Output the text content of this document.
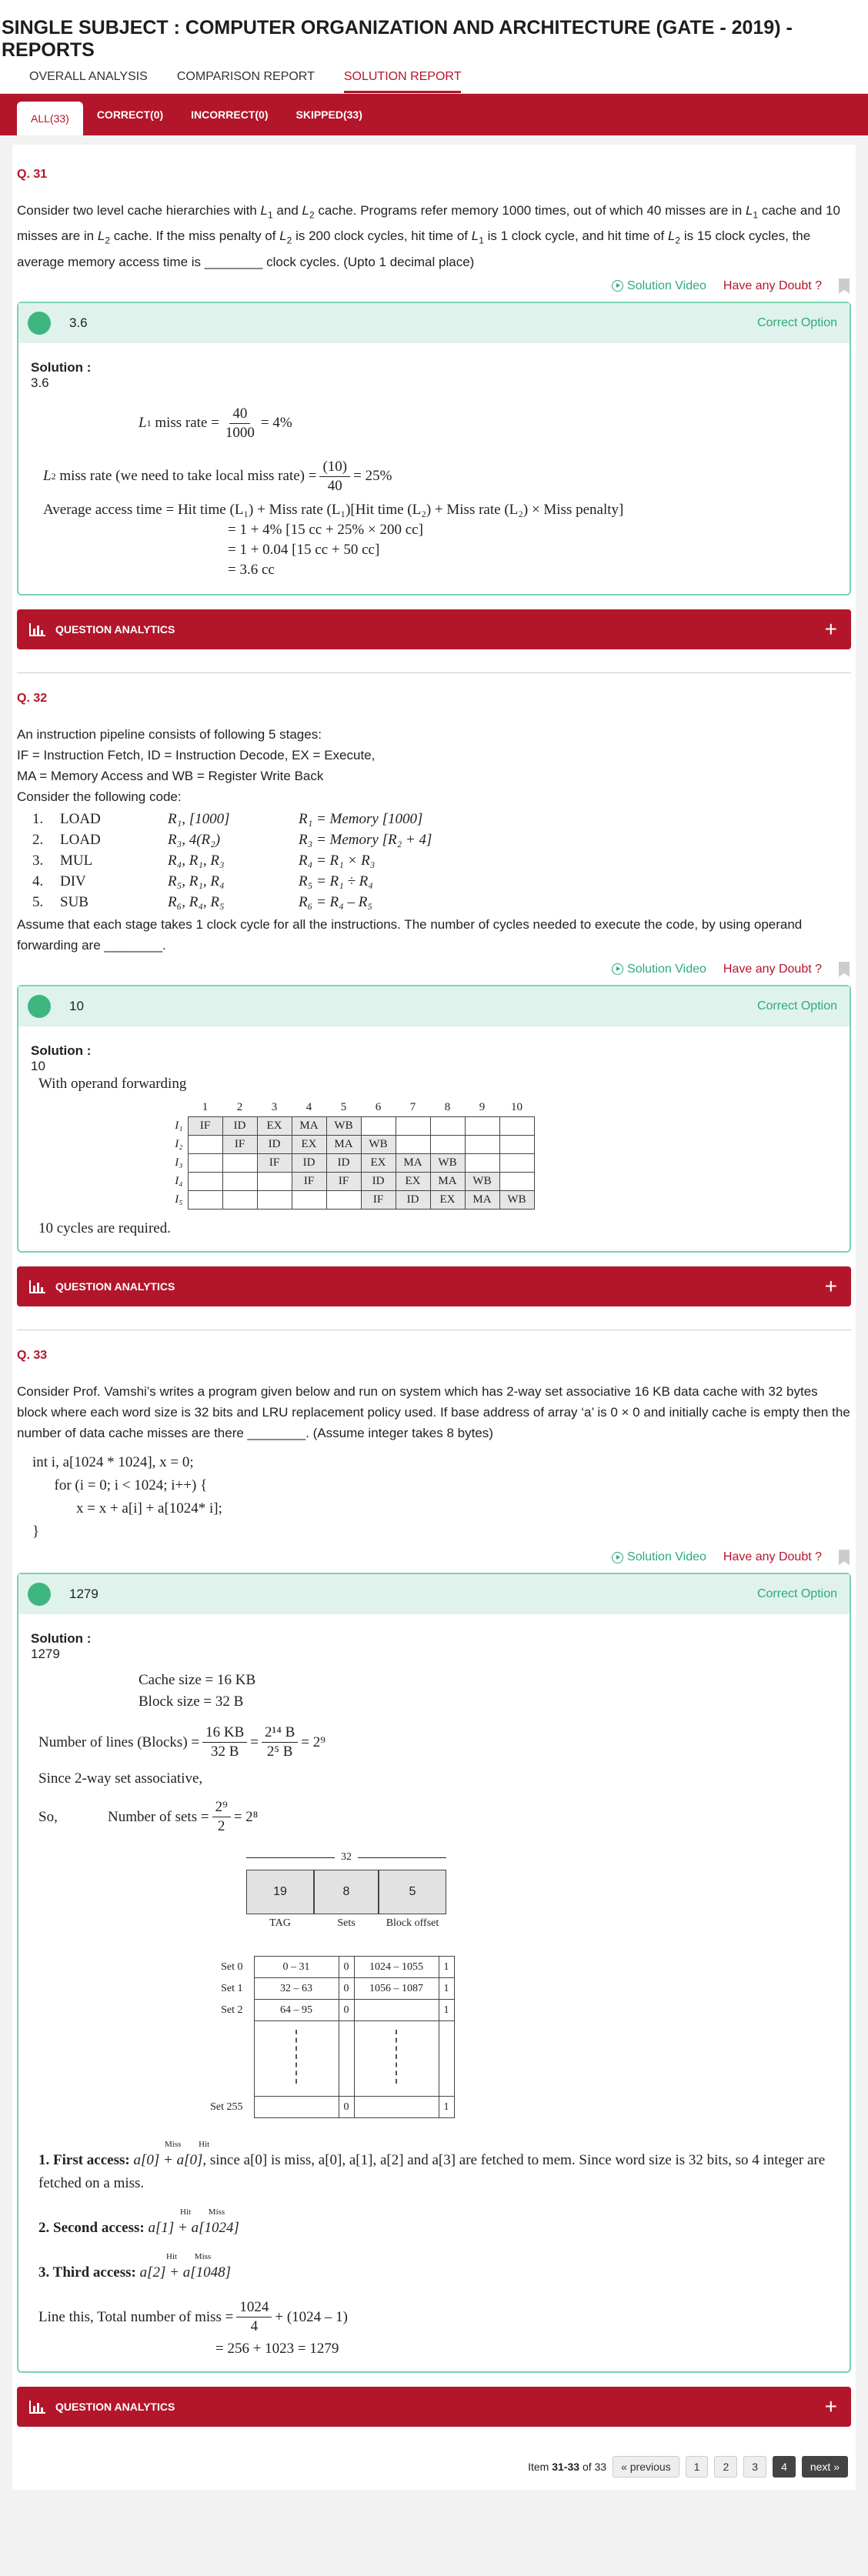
SINGLE SUBJECT : COMPUTER ORGANIZATION AND ARCHITECTURE (GATE - 2019) - REPORTS
OVERALL ANALYSIS COMPARISON REPORT SOLUTION REPORT
ALL(33)	CORRECT(0)	INCORRECT(0)	SKIPPED(33)
Q. 31
Consider two level cache hierarchies with $L_1$ and $L_2$ cache. Programs refer memory 1000 times, out of which 40 misses are in $L_1$ cache and 10 misses are in $L_2$ cache. If the miss penalty of $L_2$ is 200 clock cycles, hit time of $L_1$ is 1 clock cycle, and hit time of $L_2$ is 15 clock cycles, the average memory access time is ________ clock cycles. (Upto 1 decimal place)
Solution Video Have any Doubt ?
3.6	Correct Option
Solution :
3.6
L 1
miss rate = $\frac{40}{1000} = 4\%$
L 2
miss rate (we need to take local miss rate) = $\frac{(10)}{40} = 25\%$
Average access time = Hit time (L₁) + Miss rate (L₁)[Hit time (L₂) + Miss rate (L₂) × Miss penalty]
= 1 + 4% [15 cc + 25% × 200 cc]
= 1 + 0.04 [15 cc + 50 cc]
= 3.6 cc
QUESTION ANALYTICS	+
Q. 32
An instruction pipeline consists of following 5 stages:
IF = Instruction Fetch, ID = Instruction Decode, EX = Execute,
MA = Memory Access and WB = Register Write Back
Consider the following code:
1.	LOAD	R₁, [1000]	R₁ = Memory [1000]
2.	LOAD	R₃, 4(R₂)	R₃ = Memory [R₂ + 4]
3.	MUL	R₄, R₁, R₃	R₄ = R₁ × R₃
4.	DIV	R₅, R₁, R₄	R₅ = R₁ ÷ R₄
5.	SUB	R₆, R₄, R₅	R₆ = R₄ – R₅
Assume that each stage takes 1 clock cycle for all the instructions. The number of cycles needed to execute the code, by using operand forwarding are ________.
Solution Video Have any Doubt ?
10	Correct Option
Solution :
10
With operand forwarding
	1	2	3	4	5	6	7	8	9	10
I₁	IF	ID	EX	MA	WB					
I₂		IF	ID	EX	MA	WB				
I₃			IF	ID	ID	EX	MA	WB		
I₄				IF	IF	ID	EX	MA	WB	
I₅						IF	ID	EX	MA	WB
10 cycles are required.
QUESTION ANALYTICS	+
Q. 33
Consider Prof. Vamshi’s writes a program given below and run on system which has 2-way set associative 16 KB data cache with 32 bytes block where each word size is 32 bits and LRU replacement policy used. If base address of array ‘a’ is 0 × 0 and initially cache is empty then the number of data cache misses are there ________. (Assume integer takes 8 bytes)
int i, a[1024 * 1024], x = 0;
for (i = 0; i < 1024; i++) {
x = x + a[i] + a[1024* i];
}
Solution Video Have any Doubt ?
1279	Correct Option
Solution :
1279
Cache size = 16 KB
Block size = 32 B
Number of lines (Blocks) = $\frac{16 KB}{32 B} = \frac{\text{2¹⁴ B}}{\text{2⁵ B}} = 2^9$
Since 2-way set associative,
So,	Number of sets = $\frac{\text{2⁹}}{2} = 2^8$
32
19	8	5
TAG	Sets	Block offset
Set 0	0 – 31	0	1024 – 1055	1
Set 1	32 – 63	0	1056 – 1087	1
Set 2	64 – 95	0		1

Set 255		0		1
Miss Hit
1. First access: a[0] + a[0], since a[0] is miss, a[0], a[1], a[2] and a[3] are fetched to mem. Since word size is 32 bits, so 4 integer are fetched on a miss.
Hit Miss
2. Second access: a[1] + a[1024]
Hit Miss
3. Third access: a[2] + a[1048]
Line this, Total number of miss = $\frac{1024}{4} + (1024 - 1)$
= 256 + 1023 = 1279
QUESTION ANALYTICS	+
Item
31-33
of 33	« previous	1	2	3	4	next »
